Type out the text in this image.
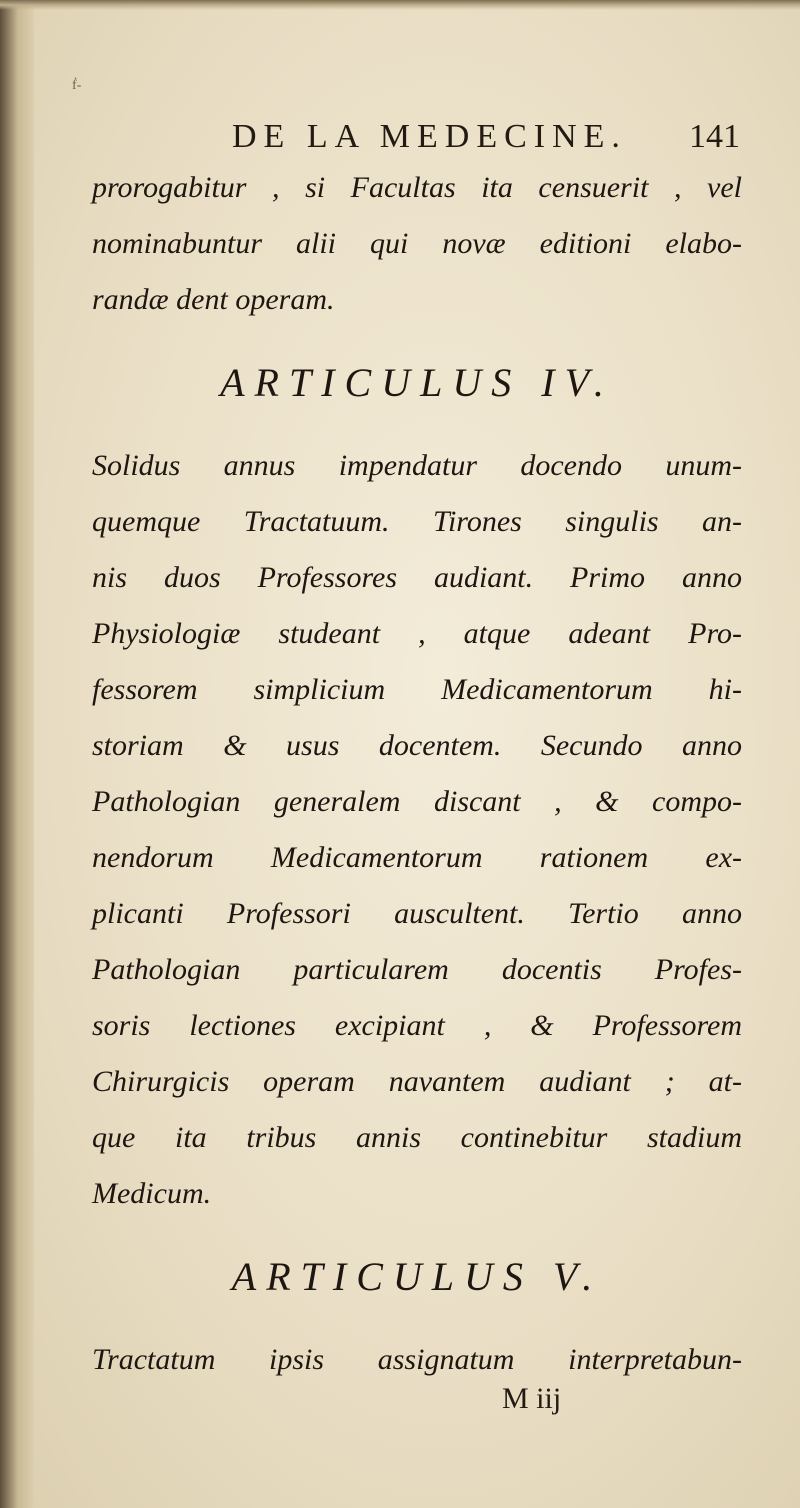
ḟ-
DE LA MEDECINE. 141
prorogabitur , si Facultas ita censuerit , vel
nominabuntur alii qui novæ editioni elabo-
randæ dent operam.
ARTICULUS IV.
Solidus annus impendatur docendo unum-
quemque Tractatuum. Tirones singulis an-
nis duos Professores audiant. Primo anno
Physiologiæ studeant , atque adeant Pro-
fessorem simplicium Medicamentorum hi-
storiam & usus docentem. Secundo anno
Pathologian generalem discant , & compo-
nendorum Medicamentorum rationem ex-
plicanti Professori auscultent. Tertio anno
Pathologian particularem docentis Profes-
soris lectiones excipiant , & Professorem
Chirurgicis operam navantem audiant ; at-
que ita tribus annis continebitur stadium
Medicum.
ARTICULUS V.
Tractatum ipsis assignatum interpretabun-
M iij
